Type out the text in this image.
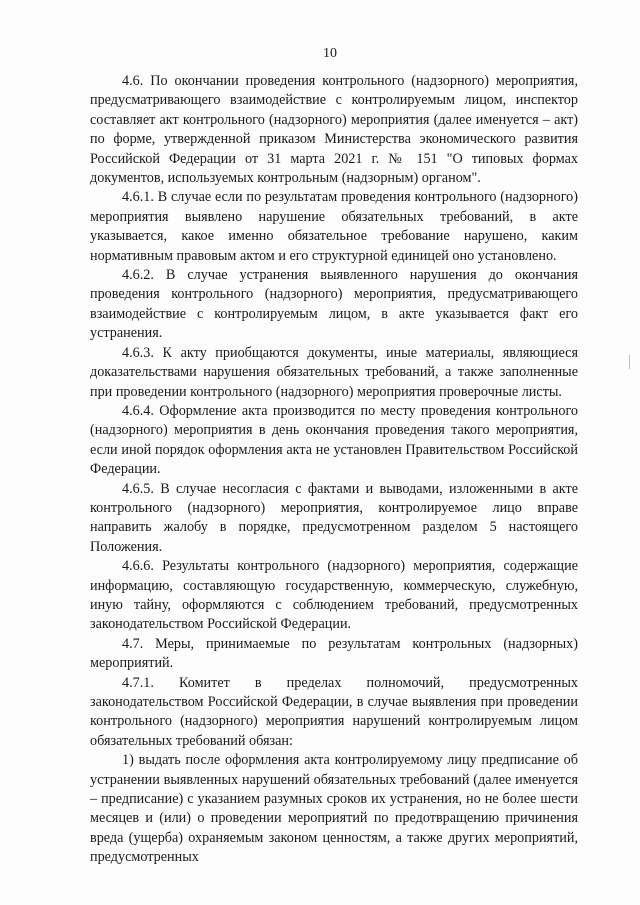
10

4.6. По окончании проведения контрольного (надзорного) мероприятия, предусматривающего взаимодействие с контролируемым лицом, инспектор составляет акт контрольного (надзорного) мероприятия (далее именуется – акт) по форме, утвержденной приказом Министерства экономического развития Российской Федерации от 31 марта 2021 г. № 151 "О типовых формах документов, используемых контрольным (надзорным) органом".

4.6.1. В случае если по результатам проведения контрольного (надзорного) мероприятия выявлено нарушение обязательных требований, в акте указывается, какое именно обязательное требование нарушено, каким нормативным правовым актом и его структурной единицей оно установлено.

4.6.2. В случае устранения выявленного нарушения до окончания проведения контрольного (надзорного) мероприятия, предусматривающего взаимодействие с контролируемым лицом, в акте указывается факт его устранения.

4.6.3. К акту приобщаются документы, иные материалы, являющиеся доказательствами нарушения обязательных требований, а также заполненные при проведении контрольного (надзорного) мероприятия проверочные листы.

4.6.4. Оформление акта производится по месту проведения контрольного (надзорного) мероприятия в день окончания проведения такого мероприятия, если иной порядок оформления акта не установлен Правительством Российской Федерации.

4.6.5. В случае несогласия с фактами и выводами, изложенными в акте контрольного (надзорного) мероприятия, контролируемое лицо вправе направить жалобу в порядке, предусмотренном разделом 5 настоящего Положения.

4.6.6. Результаты контрольного (надзорного) мероприятия, содержащие информацию, составляющую государственную, коммерческую, служебную, иную тайну, оформляются с соблюдением требований, предусмотренных законодательством Российской Федерации.

4.7. Меры, принимаемые по результатам контрольных (надзорных) мероприятий.

4.7.1. Комитет в пределах полномочий, предусмотренных законодательством Российской Федерации, в случае выявления при проведении контрольного (надзорного) мероприятия нарушений контролируемым лицом обязательных требований обязан:

1) выдать после оформления акта контролируемому лицу предписание об устранении выявленных нарушений обязательных требований (далее именуется – предписание) с указанием разумных сроков их устранения, но не более шести месяцев и (или) о проведении мероприятий по предотвращению причинения вреда (ущерба) охраняемым законом ценностям, а также других мероприятий, предусмотренных
